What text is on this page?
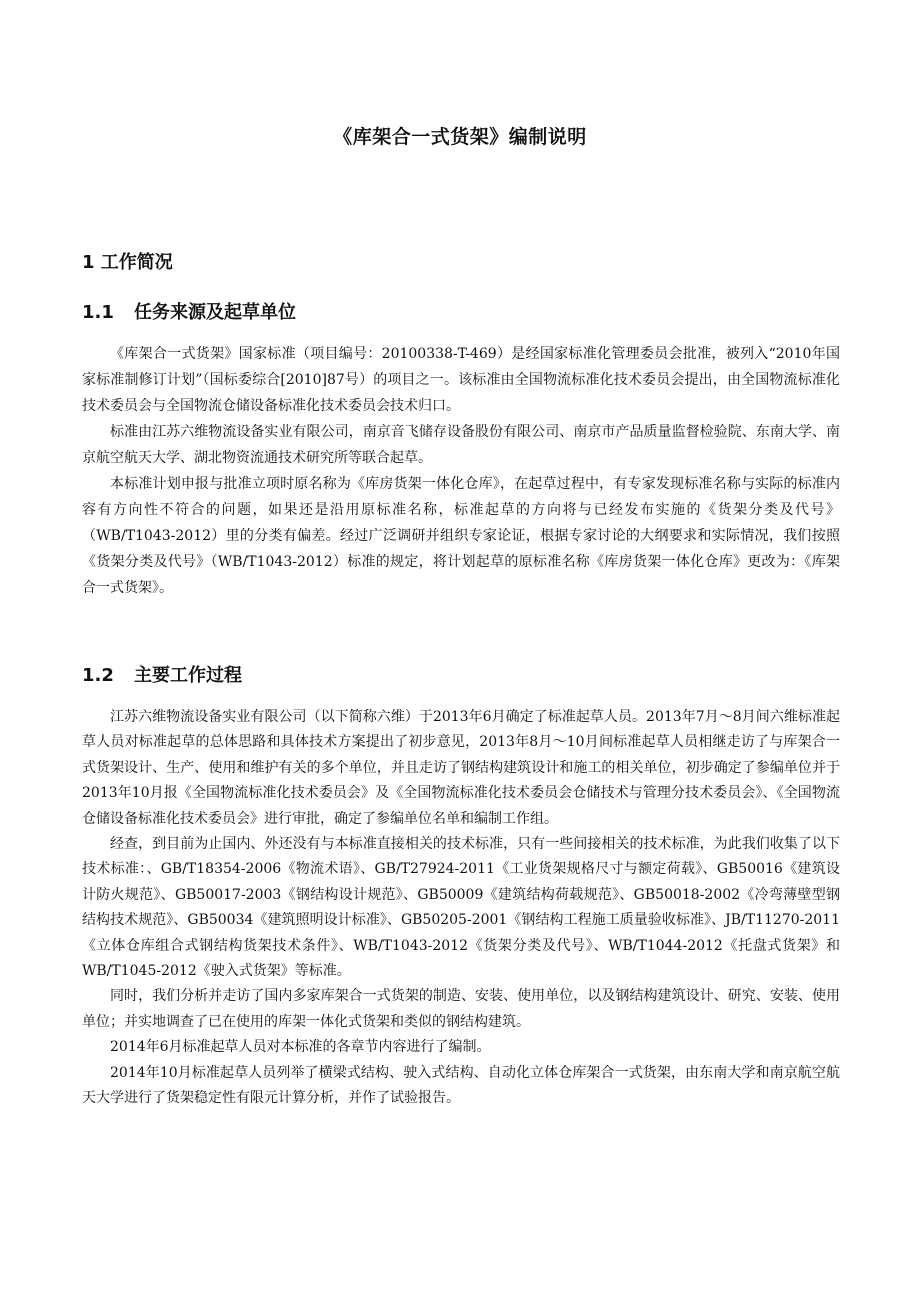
《库架合一式货架》编制说明
1 工作简况
1.1 任务来源及起草单位

《库架合一式货架》国家标准（项目编号：20100338-T-469）是经国家标准化管理委员会批准，被列入“2010年国家标准制修订计划”（国标委综合[2010]87号）的项目之一。该标准由全国物流标准化技术委员会提出，由全国物流标准化技术委员会与全国物流仓储设备标准化技术委员会技术归口。

标准由江苏六维物流设备实业有限公司，南京音飞储存设备股份有限公司、南京市产品质量监督检验院、东南大学、南京航空航天大学、湖北物资流通技术研究所等联合起草。

本标准计划申报与批准立项时原名称为《库房货架一体化仓库》，在起草过程中，有专家发现标准名称与实际的标准内容有方向性不符合的问题，如果还是沿用原标准名称，标准起草的方向将与已经发布实施的《货架分类及代号》（WB/T1043-2012）里的分类有偏差。经过广泛调研并组织专家论证，根据专家讨论的大纲要求和实际情况，我们按照《货架分类及代号》（WB/T1043-2012）标准的规定，将计划起草的原标准名称《库房货架一体化仓库》更改为：《库架合一式货架》。

1.2 主要工作过程

江苏六维物流设备实业有限公司（以下简称六维）于2013年6月确定了标准起草人员。2013年7月～8月间六维标准起草人员对标准起草的总体思路和具体技术方案提出了初步意见，2013年8月～10月间标准起草人员相继走访了与库架合一式货架设计、生产、使用和维护有关的多个单位，并且走访了钢结构建筑设计和施工的相关单位，初步确定了参编单位并于2013年10月报《全国物流标准化技术委员会》及《全国物流标准化技术委员会仓储技术与管理分技术委员会》、《全国物流仓储设备标准化技术委员会》进行审批，确定了参编单位名单和编制工作组。

经查，到目前为止国内、外还没有与本标准直接相关的技术标准，只有一些间接相关的技术标准，为此我们收集了以下技术标准：、GB/T18354-2006《物流术语》、GB/T27924-2011《工业货架规格尺寸与额定荷载》、GB50016《建筑设计防火规范》、GB50017-2003《钢结构设计规范》、GB50009《建筑结构荷载规范》、GB50018-2002《冷弯薄壁型钢结构技术规范》、GB50034《建筑照明设计标准》、GB50205-2001《钢结构工程施工质量验收标准》、JB/T11270-2011《立体仓库组合式钢结构货架技术条件》、WB/T1043-2012《货架分类及代号》、WB/T1044-2012《托盘式货架》和WB/T1045-2012《驶入式货架》等标准。

同时，我们分析并走访了国内多家库架合一式货架的制造、安装、使用单位，以及钢结构建筑设计、研究、安装、使用单位；并实地调查了已在使用的库架一体化式货架和类似的钢结构建筑。

2014年6月标准起草人员对本标准的各章节内容进行了编制。

2014年10月标准起草人员列举了横梁式结构、驶入式结构、自动化立体仓库架合一式货架，由东南大学和南京航空航天大学进行了货架稳定性有限元计算分析，并作了试验报告。
